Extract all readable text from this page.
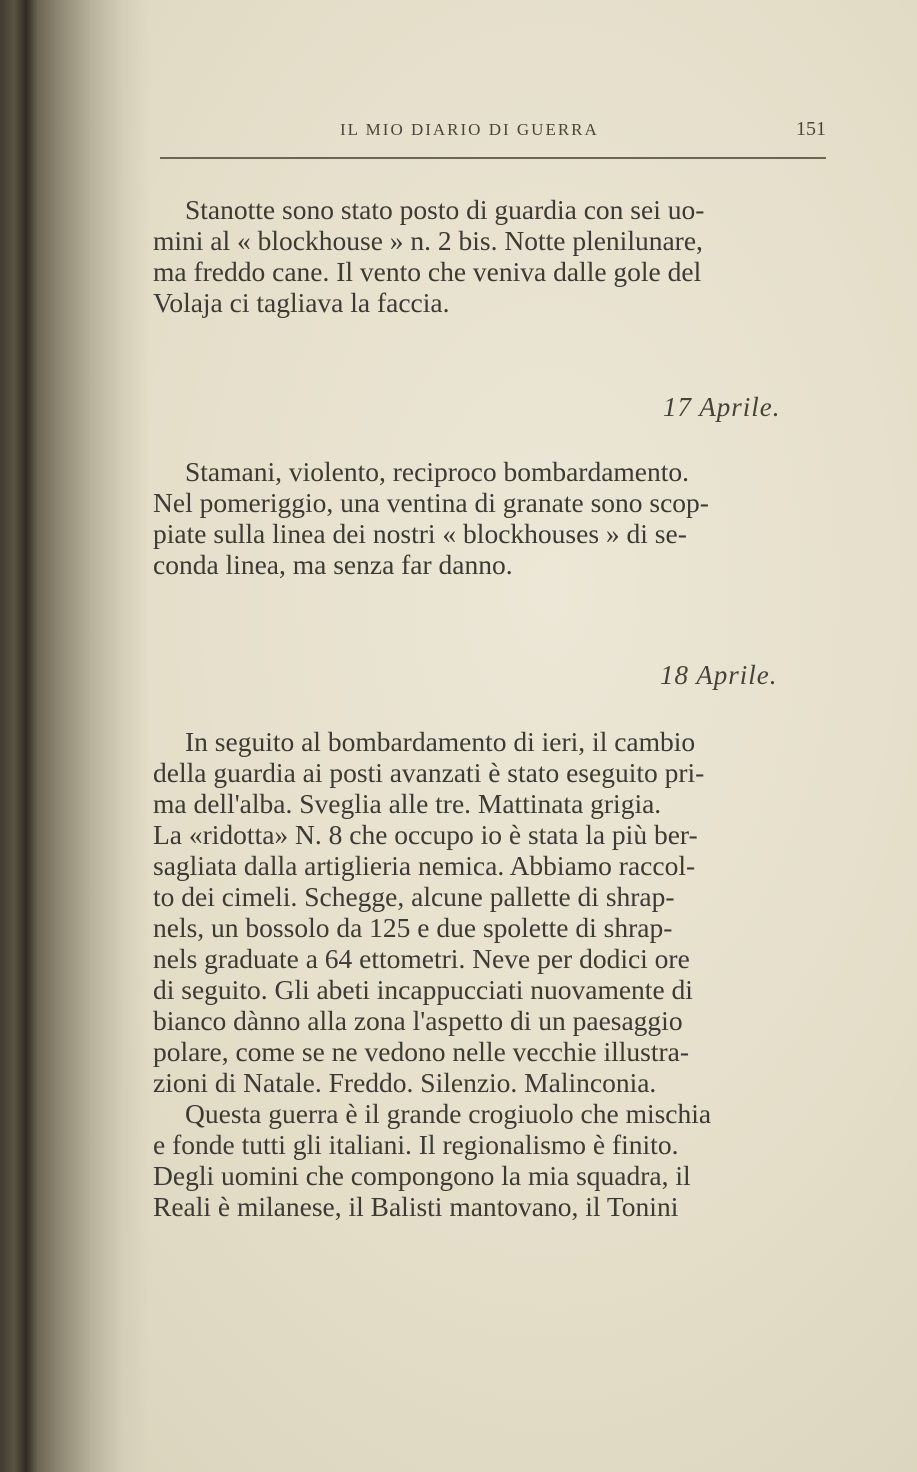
IL MIO DIARIO DI GUERRA	151
Stanotte sono stato posto di guardia con sei uo-
mini al « blockhouse » n. 2 bis. Notte plenilunare,
ma freddo cane. Il vento che veniva dalle gole del
Volaja ci tagliava la faccia.
17 Aprile.
Stamani, violento, reciproco bombardamento.
Nel pomeriggio, una ventina di granate sono scop-
piate sulla linea dei nostri « blockhouses » di se-
conda linea, ma senza far danno.
18 Aprile.
In seguito al bombardamento di ieri, il cambio
della guardia ai posti avanzati è stato eseguito pri-
ma dell'alba. Sveglia alle tre. Mattinata grigia.
La «ridotta» N. 8 che occupo io è stata la più ber-
sagliata dalla artiglieria nemica. Abbiamo raccol-
to dei cimeli. Schegge, alcune pallette di shrap-
nels, un bossolo da 125 e due spolette di shrap-
nels graduate a 64 ettometri. Neve per dodici ore
di seguito. Gli abeti incappucciati nuovamente di
bianco dànno alla zona l'aspetto di un paesaggio
polare, come se ne vedono nelle vecchie illustra-
zioni di Natale. Freddo. Silenzio. Malinconia.
Questa guerra è il grande crogiuolo che mischia
e fonde tutti gli italiani. Il regionalismo è finito.
Degli uomini che compongono la mia squadra, il
Reali è milanese, il Balisti mantovano, il Tonini
